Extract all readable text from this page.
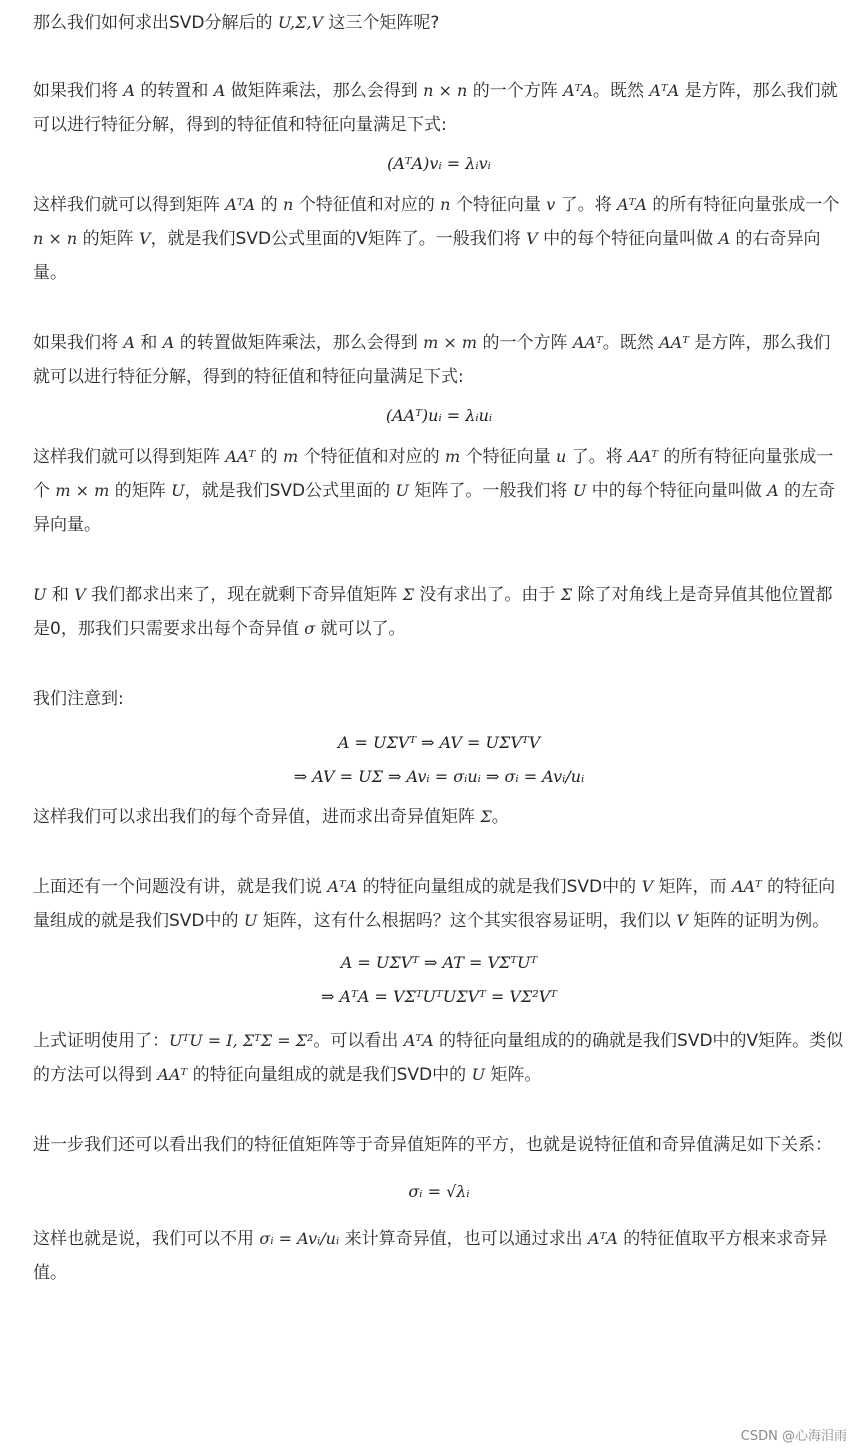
那么我们如何求出SVD分解后的 U,Σ,V 这三个矩阵呢?

如果我们将 A 的转置和 A 做矩阵乘法，那么会得到 n × n 的一个方阵 AᵀA。既然 AᵀA 是方阵，那么我们就可以进行特征分解，得到的特征值和特征向量满足下式:

(AᵀA)vᵢ = λᵢvᵢ

这样我们就可以得到矩阵 AᵀA 的 n 个特征值和对应的 n 个特征向量 v 了。将 AᵀA 的所有特征向量张成一个 n × n 的矩阵 V，就是我们SVD公式里面的V矩阵了。一般我们将 V 中的每个特征向量叫做 A 的右奇异向量。

如果我们将 A 和 A 的转置做矩阵乘法，那么会得到 m × m 的一个方阵 AAᵀ。既然 AAᵀ 是方阵，那么我们就可以进行特征分解，得到的特征值和特征向量满足下式:

(AAᵀ)uᵢ = λᵢuᵢ

这样我们就可以得到矩阵 AAᵀ 的 m 个特征值和对应的 m 个特征向量 u 了。将 AAᵀ 的所有特征向量张成一个 m × m 的矩阵 U，就是我们SVD公式里面的 U 矩阵了。一般我们将 U 中的每个特征向量叫做 A 的左奇异向量。

U 和 V 我们都求出来了，现在就剩下奇异值矩阵 Σ 没有求出了。由于 Σ 除了对角线上是奇异值其他位置都是0，那我们只需要求出每个奇异值 σ 就可以了。

我们注意到:

A = UΣVᵀ ⇒ AV = UΣVᵀV

⇒ AV = UΣ ⇒ Avᵢ = σᵢuᵢ ⇒ σᵢ = Avᵢ/uᵢ

这样我们可以求出我们的每个奇异值，进而求出奇异值矩阵 Σ。

上面还有一个问题没有讲，就是我们说 AᵀA 的特征向量组成的就是我们SVD中的 V 矩阵，而 AAᵀ 的特征向量组成的就是我们SVD中的 U 矩阵，这有什么根据吗？这个其实很容易证明，我们以 V 矩阵的证明为例。

A = UΣVᵀ ⇒ AT = VΣᵀUᵀ

⇒ AᵀA = VΣᵀUᵀUΣVᵀ = VΣ²Vᵀ

上式证明使用了：UᵀU = I, ΣᵀΣ = Σ²。可以看出 AᵀA 的特征向量组成的的确就是我们SVD中的V矩阵。类似的方法可以得到 AAᵀ 的特征向量组成的就是我们SVD中的 U 矩阵。

进一步我们还可以看出我们的特征值矩阵等于奇异值矩阵的平方，也就是说特征值和奇异值满足如下关系：

σᵢ = √λᵢ

这样也就是说，我们可以不用 σᵢ = Avᵢ/uᵢ 来计算奇异值，也可以通过求出 AᵀA 的特征值取平方根来求奇异值。

CSDN @心海泪雨
